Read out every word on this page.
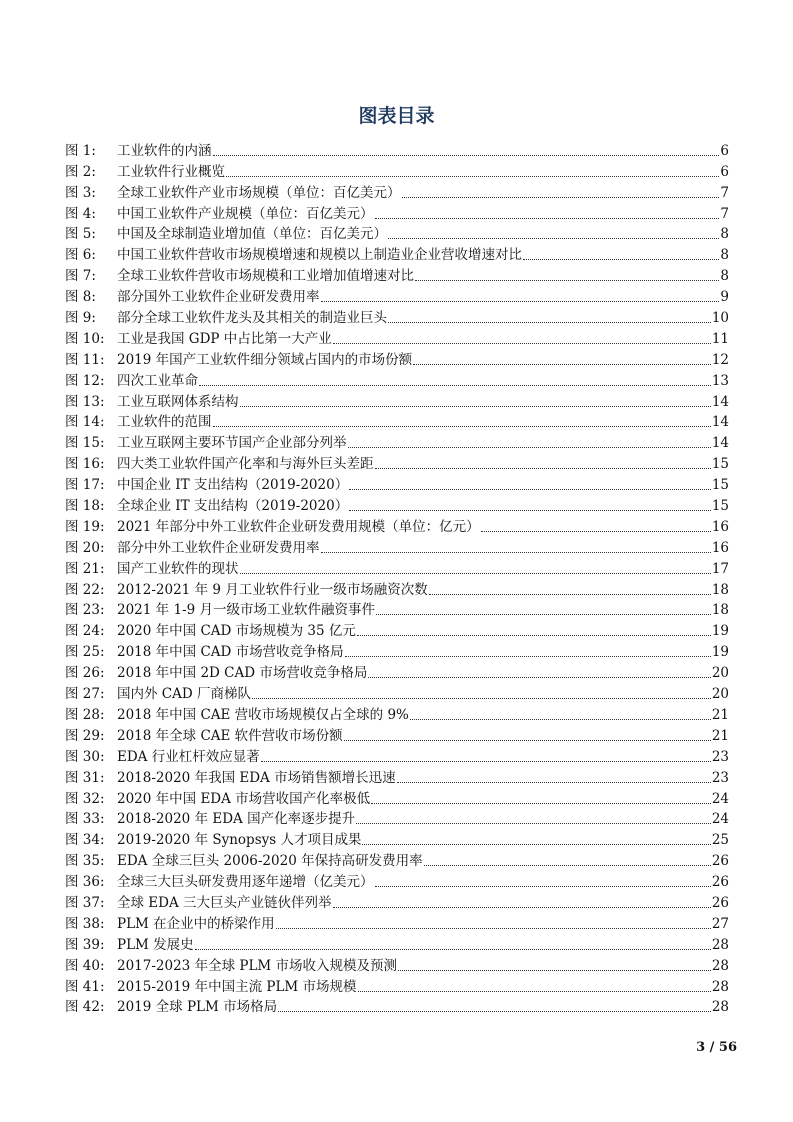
图表目录
图 1:	工业软件的内涵	6
图 2:	工业软件行业概览	6
图 3:	全球工业软件产业市场规模（单位：百亿美元）	7
图 4:	中国工业软件产业规模（单位：百亿美元）	7
图 5:	中国及全球制造业增加值（单位：百亿美元）	8
图 6:	中国工业软件营收市场规模增速和规模以上制造业企业营收增速对比	8
图 7:	全球工业软件营收市场规模和工业增加值增速对比	8
图 8:	部分国外工业软件企业研发费用率	9
图 9:	部分全球工业软件龙头及其相关的制造业巨头	10
图 10: 工业是我国 GDP 中占比第一大产业	11
图 11: 2019 年国产工业软件细分领域占国内的市场份额	12
图 12: 四次工业革命	13
图 13: 工业互联网体系结构	14
图 14: 工业软件的范围	14
图 15: 工业互联网主要环节国产企业部分列举	14
图 16: 四大类工业软件国产化率和与海外巨头差距	15
图 17: 中国企业 IT 支出结构（2019-2020）	15
图 18: 全球企业 IT 支出结构（2019-2020）	15
图 19: 2021 年部分中外工业软件企业研发费用规模（单位：亿元）	16
图 20: 部分中外工业软件企业研发费用率	16
图 21: 国产工业软件的现状	17
图 22: 2012-2021 年 9 月工业软件行业一级市场融资次数	18
图 23: 2021 年 1-9 月一级市场工业软件融资事件	18
图 24: 2020 年中国 CAD 市场规模为 35 亿元	19
图 25: 2018 年中国 CAD 市场营收竞争格局	19
图 26: 2018 年中国 2D CAD 市场营收竞争格局	20
图 27: 国内外 CAD 厂商梯队	20
图 28: 2018 年中国 CAE 营收市场规模仅占全球的 9%	21
图 29: 2018 年全球 CAE 软件营收市场份额	21
图 30: EDA 行业杠杆效应显著	23
图 31: 2018-2020 年我国 EDA 市场销售额增长迅速	23
图 32: 2020 年中国 EDA 市场营收国产化率极低	24
图 33: 2018-2020 年 EDA 国产化率逐步提升	24
图 34: 2019-2020 年 Synopsys 人才项目成果	25
图 35: EDA 全球三巨头 2006-2020 年保持高研发费用率	26
图 36: 全球三大巨头研发费用逐年递增（亿美元）	26
图 37: 全球 EDA 三大巨头产业链伙伴列举	26
图 38: PLM 在企业中的桥梁作用	27
图 39: PLM 发展史	28
图 40: 2017-2023 年全球 PLM 市场收入规模及预测	28
图 41: 2015-2019 年中国主流 PLM 市场规模	28
图 42: 2019 全球 PLM 市场格局	28
3 / 56
